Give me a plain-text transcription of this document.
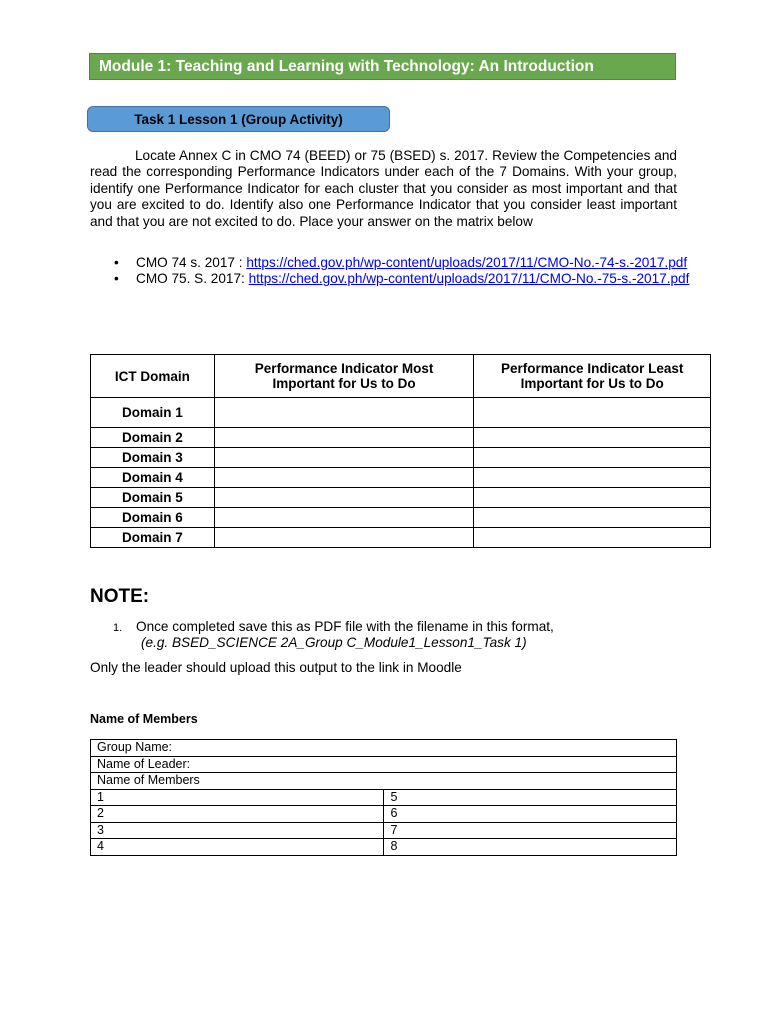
Module 1: Teaching and Learning with Technology: An Introduction
Task 1 Lesson 1 (Group Activity)

Locate Annex C in CMO 74 (BEED) or 75 (BSED) s. 2017. Review the Competencies and read the corresponding Performance Indicators under each of the 7 Domains. With your group, identify one Performance Indicator for each cluster that you consider as most important and that you are excited to do. Identify also one Performance Indicator that you consider least important and that you are not excited to do. Place your answer on the matrix below

• CMO 74 s. 2017 : https://ched.gov.ph/wp-content/uploads/2017/11/CMO-No.-74-s.-2017.pdf
• CMO 75. S. 2017: https://ched.gov.ph/wp-content/uploads/2017/11/CMO-No.-75-s.-2017.pdf
ICT Domain	Performance Indicator Most Important for Us to Do	Performance Indicator Least Important for Us to Do
Domain 1		
Domain 2		
Domain 3		
Domain 4		
Domain 5		
Domain 6		
Domain 7		
NOTE:
1. Once completed save this as PDF file with the filename in this format,
(e.g. BSED_SCIENCE 2A_Group C_Module1_Lesson1_Task 1)

Only the leader should upload this output to the link in Moodle

Name of Members
Group Name:	
Name of Leader:	
Name of Members	
1	5
2	6
3	7
4	8
